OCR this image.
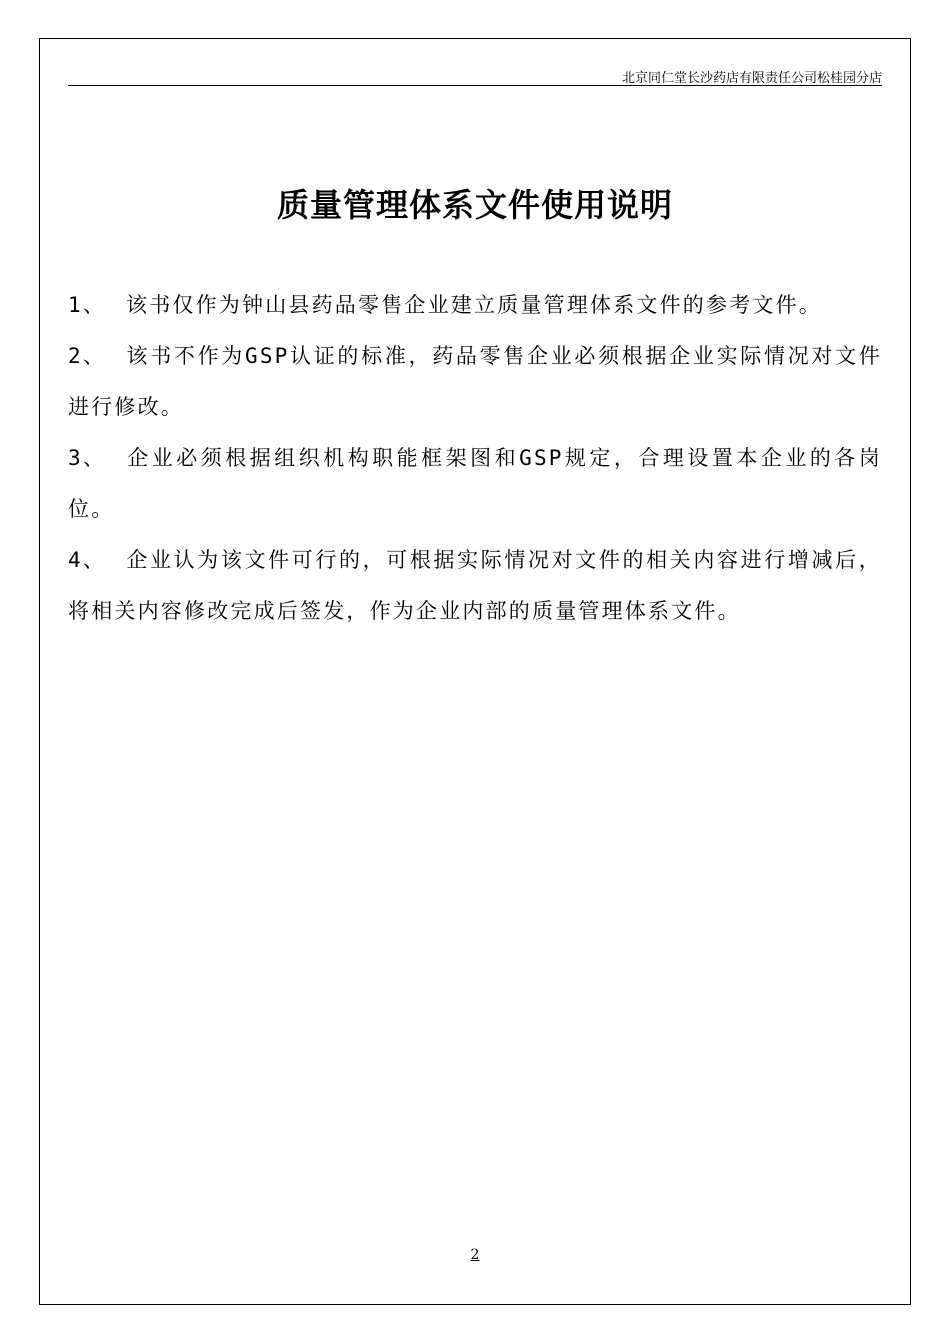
北京同仁堂长沙药店有限责任公司松桂园分店
质量管理体系文件使用说明

1、 该书仅作为钟山县药品零售企业建立质量管理体系文件的参考文件。

2、 该书不作为GSP认证的标准，药品零售企业必须根据企业实际情况对文件进行修改。

3、 企业必须根据组织机构职能框架图和GSP规定，合理设置本企业的各岗位。

4、 企业认为该文件可行的，可根据实际情况对文件的相关内容进行增减后，将相关内容修改完成后签发，作为企业内部的质量管理体系文件。

2
